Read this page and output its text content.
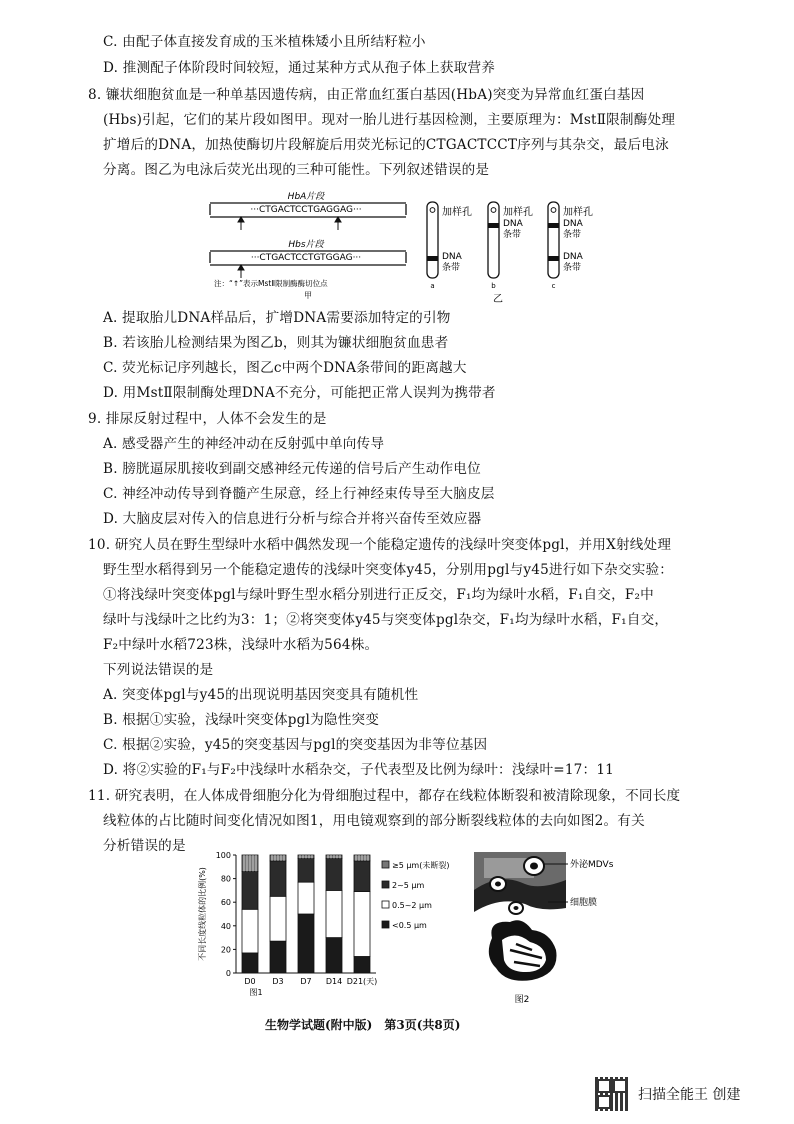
C. 由配子体直接发育成的玉米植株矮小且所结籽粒小
D. 推测配子体阶段时间较短，通过某种方式从孢子体上获取营养
8. 镰状细胞贫血是一种单基因遗传病，由正常血红蛋白基因(HbA)突变为异常血红蛋白基因
(Hbs)引起，它们的某片段如图甲。现对一胎儿进行基因检测，主要原理为：MstⅡ限制酶处理
扩增后的DNA，加热使酶切片段解旋后用荧光标记的CTGACTCCT序列与其杂交，最后电泳
分离。图乙为电泳后荧光出现的三种可能性。下列叙述错误的是
A. 提取胎儿DNA样品后，扩增DNA需要添加特定的引物
B. 若该胎儿检测结果为图乙b，则其为镰状细胞贫血患者
C. 荧光标记序列越长，图乙c中两个DNA条带间的距离越大
D. 用MstⅡ限制酶处理DNA不充分，可能把正常人误判为携带者
9. 排尿反射过程中，人体不会发生的是
A. 感受器产生的神经冲动在反射弧中单向传导
B. 膀胱逼尿肌接收到副交感神经元传递的信号后产生动作电位
C. 神经冲动传导到脊髓产生尿意，经上行神经束传导至大脑皮层
D. 大脑皮层对传入的信息进行分析与综合并将兴奋传至效应器
10. 研究人员在野生型绿叶水稻中偶然发现一个能稳定遗传的浅绿叶突变体pgl，并用X射线处理
野生型水稻得到另一个能稳定遗传的浅绿叶突变体y45，分别用pgl与y45进行如下杂交实验：
①将浅绿叶突变体pgl与绿叶野生型水稻分别进行正反交，F₁均为绿叶水稻，F₁自交，F₂中
绿叶与浅绿叶之比约为3：1；②将突变体y45与突变体pgl杂交，F₁均为绿叶水稻，F₁自交，
F₂中绿叶水稻723株，浅绿叶水稻为564株。
下列说法错误的是
A. 突变体pgl与y45的出现说明基因突变具有随机性
B. 根据①实验，浅绿叶突变体pgl为隐性突变
C. 根据②实验，y45的突变基因与pgl的突变基因为非等位基因
D. 将②实验的F₁与F₂中浅绿叶水稻杂交，子代表型及比例为绿叶：浅绿叶=17：11
11. 研究表明，在人体成骨细胞分化为骨细胞过程中，都存在线粒体断裂和被清除现象，不同长度
线粒体的占比随时间变化情况如图1，用电镜观察到的部分断裂线粒体的去向如图2。有关
分析错误的是
HbA片段
···CTGACTCCTGAGGAG···
Hbs片段
···CTGACTCCTGTGGAG···
注：“↑”表示MstⅡ限制酶酶切位点
甲
加样孔
DNA 条带
a
加样孔
DNA 条带
b
加样孔
DNA 条带
DNA 条带
c
乙
不同长度线粒体的比例(%)
0
20
40
60
80
100
D0 D3 D7 D14 D21(天)
图1
≥5 μm(未断裂)
2~5 μm
0.5~2 μm
<0.5 μm
外泌MDVs
细胞膜
图2
生物学试题(附中版)　第3页(共8页)
扫描全能王 创建
